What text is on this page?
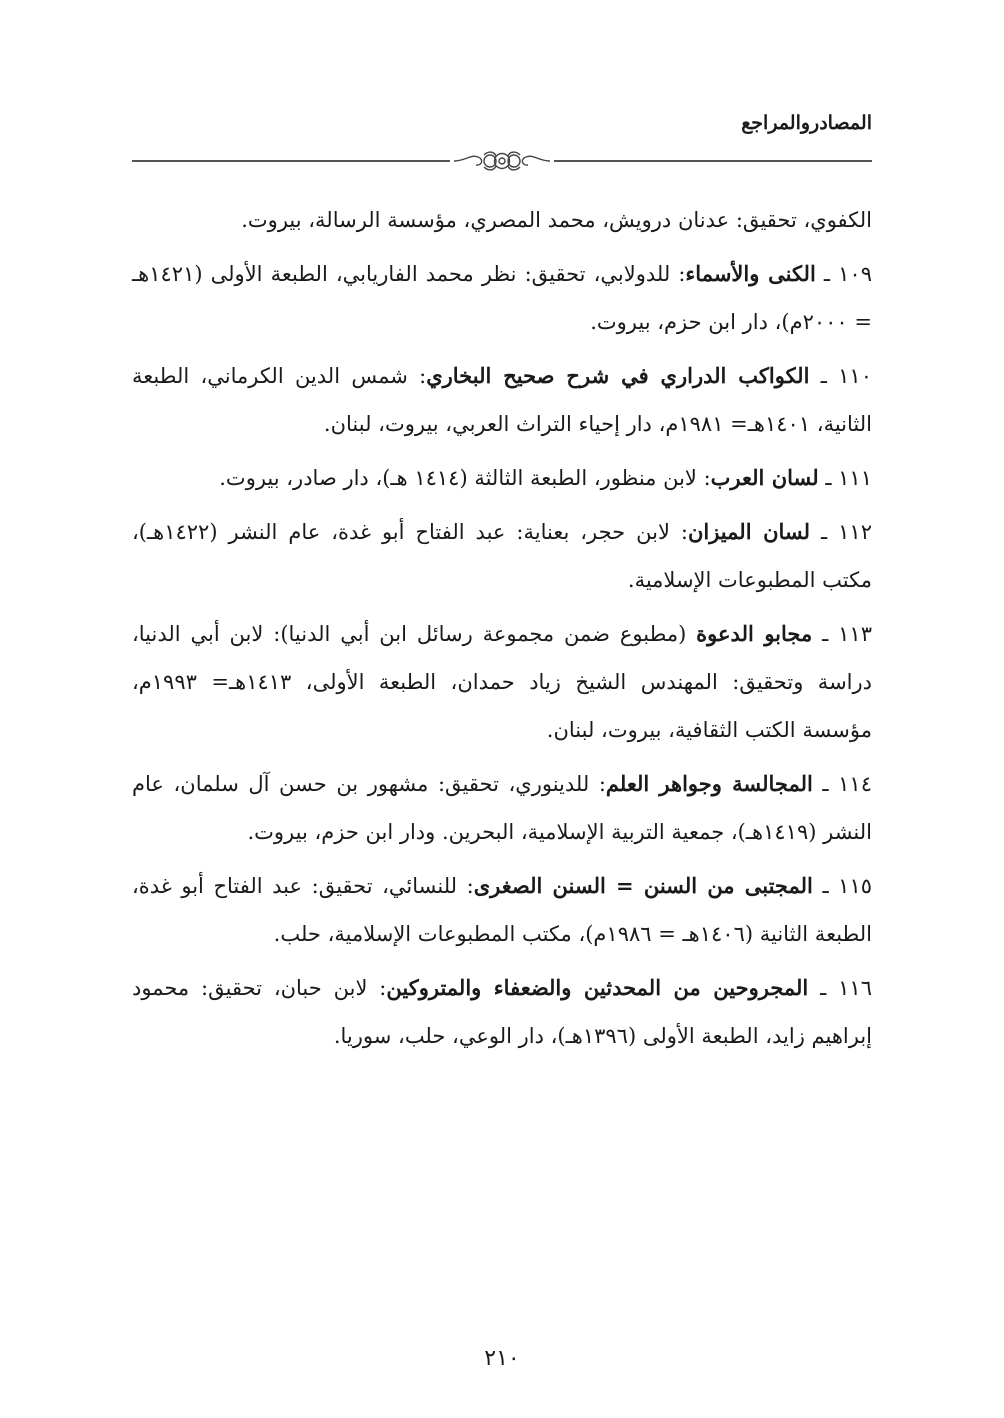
المصادروالمراجع

الكفوي، تحقيق: عدنان درويش، محمد المصري، مؤسسة الرسالة، بيروت.

١٠٩ ـ الكنى والأسماء: للدولابي، تحقيق: نظر محمد الفاريابي، الطبعة الأولى (١٤٢١هـ = ٢٠٠٠م)، دار ابن حزم، بيروت.

١١٠ ـ الكواكب الدراري في شرح صحيح البخاري: شمس الدين الكرماني، الطبعة الثانية، ١٤٠١هـ= ١٩٨١م، دار إحياء التراث العربي، بيروت، لبنان.

١١١ ـ لسان العرب: لابن منظور، الطبعة الثالثة (١٤١٤ هـ)، دار صادر، بيروت.

١١٢ ـ لسان الميزان: لابن حجر، بعناية: عبد الفتاح أبو غدة، عام النشر (١٤٢٢هـ)، مكتب المطبوعات الإسلامية.

١١٣ ـ مجابو الدعوة (مطبوع ضمن مجموعة رسائل ابن أبي الدنيا): لابن أبي الدنيا، دراسة وتحقيق: المهندس الشيخ زياد حمدان، الطبعة الأولى، ١٤١٣هـ= ١٩٩٣م، مؤسسة الكتب الثقافية، بيروت، لبنان.

١١٤ ـ المجالسة وجواهر العلم: للدينوري، تحقيق: مشهور بن حسن آل سلمان، عام النشر (١٤١٩هـ)، جمعية التربية الإسلامية، البحرين. ودار ابن حزم، بيروت.

١١٥ ـ المجتبى من السنن = السنن الصغرى: للنسائي، تحقيق: عبد الفتاح أبو غدة، الطبعة الثانية (١٤٠٦هـ = ١٩٨٦م)، مكتب المطبوعات الإسلامية، حلب.

١١٦ ـ المجروحين من المحدثين والضعفاء والمتروكين: لابن حبان، تحقيق: محمود إبراهيم زايد، الطبعة الأولى (١٣٩٦هـ)، دار الوعي، حلب، سوريا.

٢١٠
